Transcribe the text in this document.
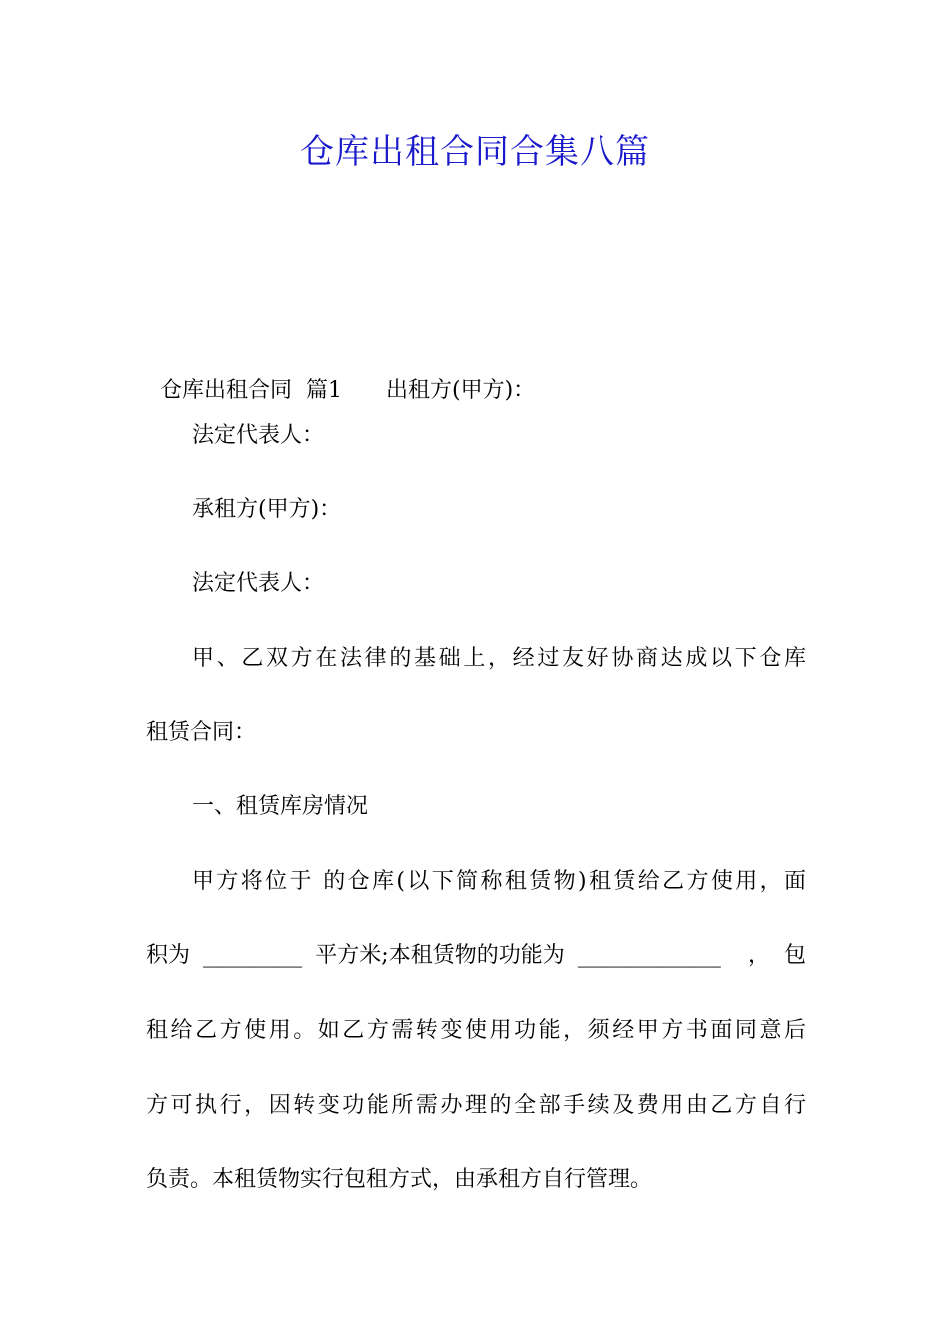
仓库出租合同合集八篇

仓库出租合同  篇1 出租方(甲方)：

法定代表人：
承租方(甲方)：
法定代表人：
甲、乙双方在法律的基础上，经过友好协商达成以下仓库
租赁合同：
一、租赁库房情况
甲方将位于 的仓库(以下简称租赁物)租赁给乙方使用，面
积为 _________ 平方米;本租赁物的功能为 _____________ ，  包
租给乙方使用。如乙方需转变使用功能，须经甲方书面同意后
方可执行，因转变功能所需办理的全部手续及费用由乙方自行
负责。本租赁物实行包租方式，由承租方自行管理。
